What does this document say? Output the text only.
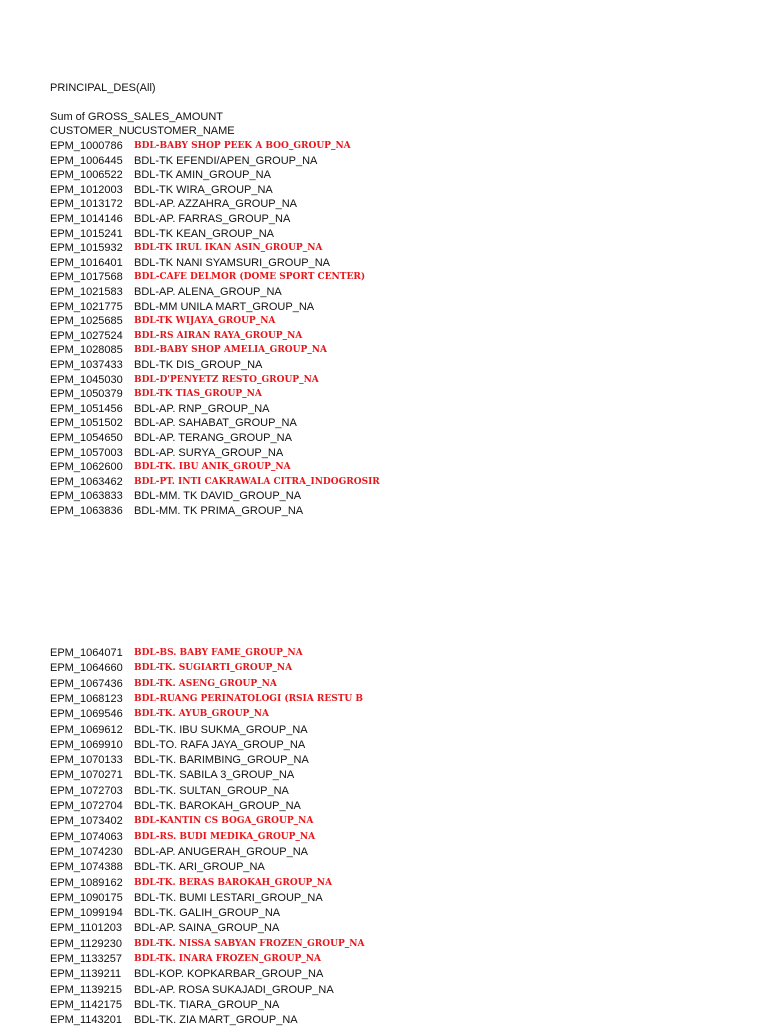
PRINCIPAL_DES(All)
Sum of GROSS_SALES_AMOUNT
CUSTOMER_NU CUSTOMER_NAME
EPM_1000786 BDL-BABY SHOP PEEK A BOO_GROUP_NA
EPM_1006445 BDL-TK EFENDI/APEN_GROUP_NA
EPM_1006522 BDL-TK AMIN_GROUP_NA
EPM_1012003 BDL-TK WIRA_GROUP_NA
EPM_1013172 BDL-AP. AZZAHRA_GROUP_NA
EPM_1014146 BDL-AP. FARRAS_GROUP_NA
EPM_1015241 BDL-TK KEAN_GROUP_NA
EPM_1015932 BDL-TK IRUL IKAN ASIN_GROUP_NA
EPM_1016401 BDL-TK NANI SYAMSURI_GROUP_NA
EPM_1017568 BDL-CAFE DELMOR (DOME SPORT CENTER)
EPM_1021583 BDL-AP. ALENA_GROUP_NA
EPM_1021775 BDL-MM UNILA MART_GROUP_NA
EPM_1025685 BDL-TK WIJAYA_GROUP_NA
EPM_1027524 BDL-RS AIRAN RAYA_GROUP_NA
EPM_1028085 BDL-BABY SHOP AMELIA_GROUP_NA
EPM_1037433 BDL-TK DIS_GROUP_NA
EPM_1045030 BDL-D'PENYETZ RESTO_GROUP_NA
EPM_1050379 BDL-TK TIAS_GROUP_NA
EPM_1051456 BDL-AP. RNP_GROUP_NA
EPM_1051502 BDL-AP. SAHABAT_GROUP_NA
EPM_1054650 BDL-AP. TERANG_GROUP_NA
EPM_1057003 BDL-AP. SURYA_GROUP_NA
EPM_1062600 BDL-TK. IBU ANIK_GROUP_NA
EPM_1063462 BDL-PT. INTI CAKRAWALA CITRA_INDOGROSIR
EPM_1063833 BDL-MM. TK DAVID_GROUP_NA
EPM_1063836 BDL-MM. TK PRIMA_GROUP_NA
EPM_1064071 BDL-BS. BABY FAME_GROUP_NA
EPM_1064660 BDL-TK. SUGIARTI_GROUP_NA
EPM_1067436 BDL-TK. ASENG_GROUP_NA
EPM_1068123 BDL-RUANG PERINATOLOGI (RSIA RESTU B
EPM_1069546 BDL-TK. AYUB_GROUP_NA
EPM_1069612 BDL-TK. IBU SUKMA_GROUP_NA
EPM_1069910 BDL-TO. RAFA JAYA_GROUP_NA
EPM_1070133 BDL-TK. BARIMBING_GROUP_NA
EPM_1070271 BDL-TK. SABILA 3_GROUP_NA
EPM_1072703 BDL-TK. SULTAN_GROUP_NA
EPM_1072704 BDL-TK. BAROKAH_GROUP_NA
EPM_1073402 BDL-KANTIN CS BOGA_GROUP_NA
EPM_1074063 BDL-RS. BUDI MEDIKA_GROUP_NA
EPM_1074230 BDL-AP. ANUGERAH_GROUP_NA
EPM_1074388 BDL-TK. ARI_GROUP_NA
EPM_1089162 BDL-TK. BERAS BAROKAH_GROUP_NA
EPM_1090175 BDL-TK. BUMI LESTARI_GROUP_NA
EPM_1099194 BDL-TK. GALIH_GROUP_NA
EPM_1101203 BDL-AP. SAINA_GROUP_NA
EPM_1129230 BDL-TK. NISSA SABYAN FROZEN_GROUP_NA
EPM_1133257 BDL-TK. INARA FROZEN_GROUP_NA
EPM_1139211 BDL-KOP. KOPKARBAR_GROUP_NA
EPM_1139215 BDL-AP. ROSA SUKAJADI_GROUP_NA
EPM_1142175 BDL-TK. TIARA_GROUP_NA
EPM_1143201 BDL-TK. ZIA MART_GROUP_NA
